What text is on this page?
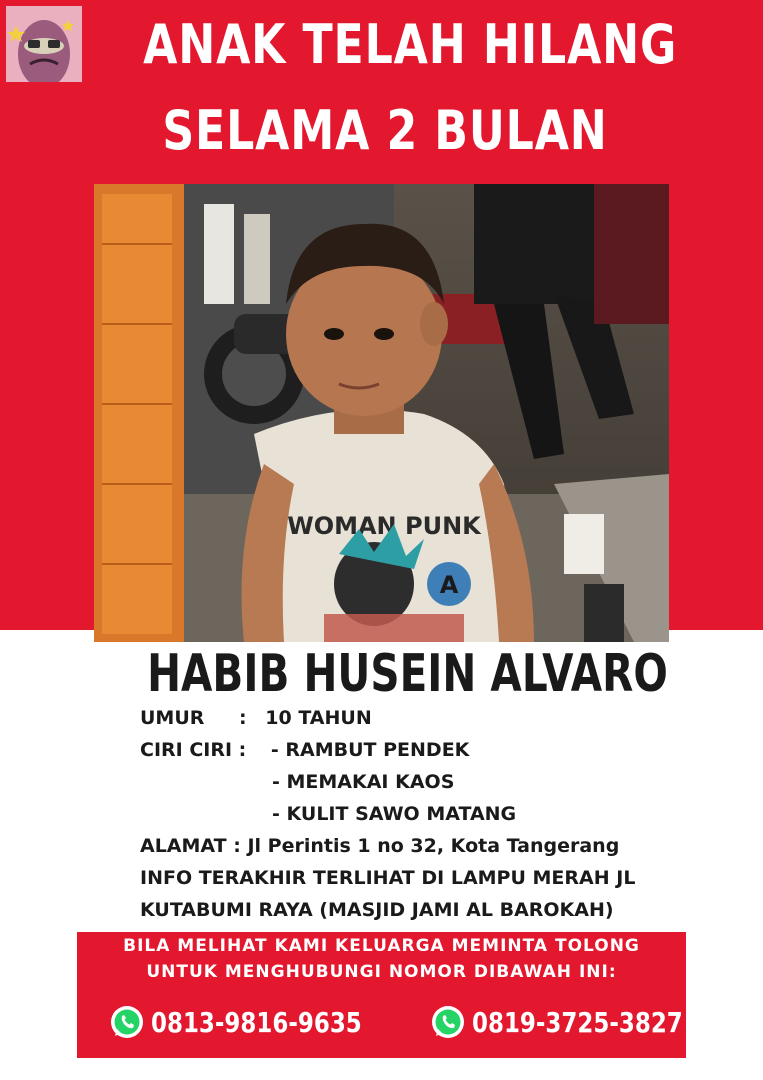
ANAK TELAH HILANG
SELAMA 2 BULAN
WOMAN PUNK
A
HABIB HUSEIN ALVARO
UMUR : 10 TAHUN
CIRI CIRI : - RAMBUT PENDEK
- MEMAKAI KAOS
- KULIT SAWO MATANG
ALAMAT : Jl Perintis 1 no 32, Kota Tangerang
INFO TERAKHIR TERLIHAT DI LAMPU MERAH JL
KUTABUMI RAYA (MASJID JAMI AL BAROKAH)
BILA MELIHAT KAMI KELUARGA MEMINTA TOLONG
UNTUK MENGHUBUNGI NOMOR DIBAWAH INI:
0813-9816-9635	0819-3725-3827
